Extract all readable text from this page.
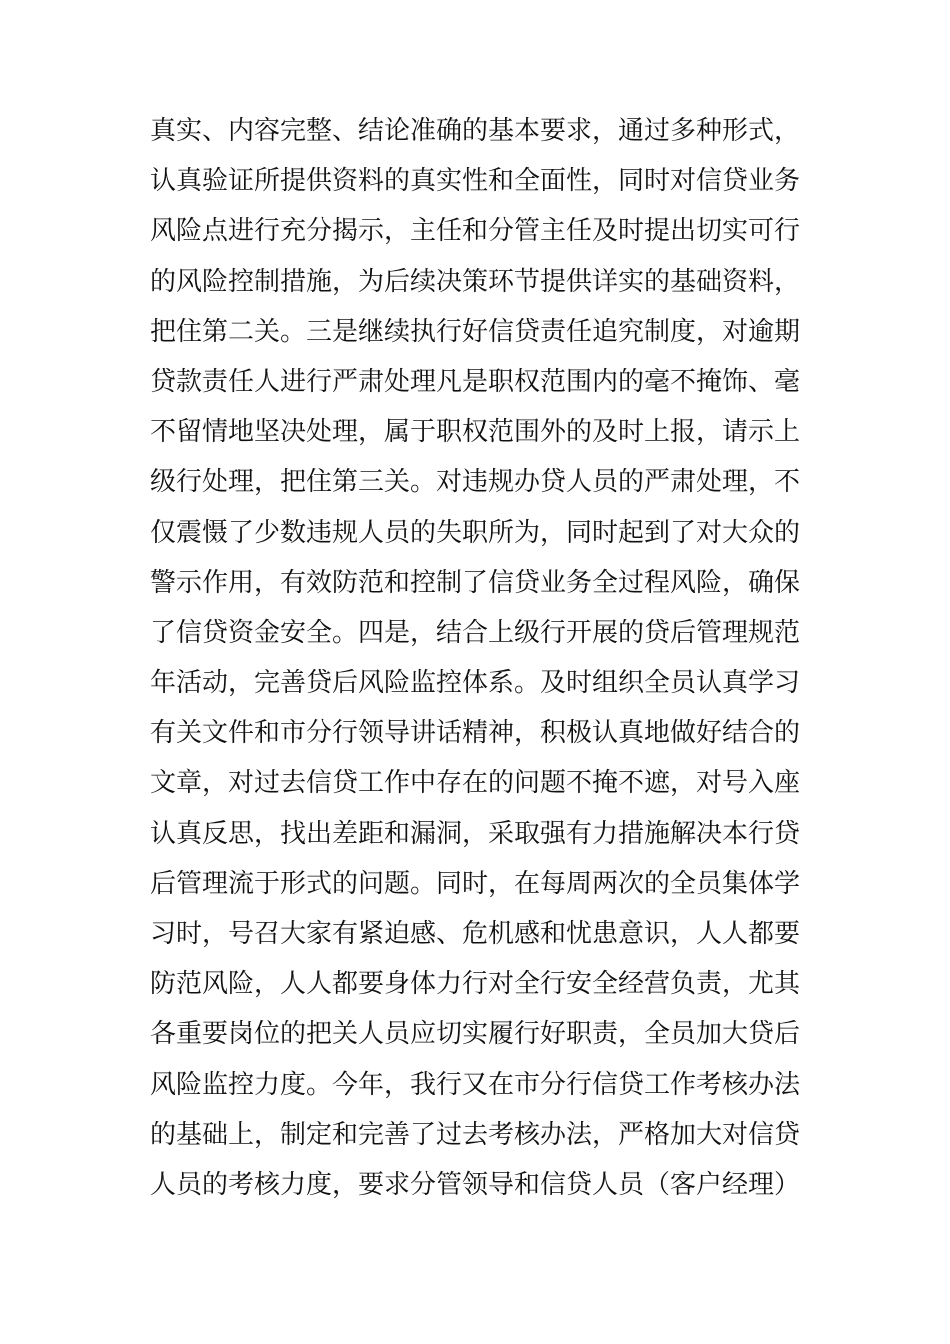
真实、内容完整、结论准确的基本要求，通过多种形式，
认真验证所提供资料的真实性和全面性，同时对信贷业务
风险点进行充分揭示，主任和分管主任及时提出切实可行
的风险控制措施，为后续决策环节提供详实的基础资料，
把住第二关。三是继续执行好信贷责任追究制度，对逾期
贷款责任人进行严肃处理凡是职权范围内的毫不掩饰、毫
不留情地坚决处理，属于职权范围外的及时上报，请示上
级行处理，把住第三关。对违规办贷人员的严肃处理，不
仅震慑了少数违规人员的失职所为，同时起到了对大众的
警示作用，有效防范和控制了信贷业务全过程风险，确保
了信贷资金安全。四是，结合上级行开展的贷后管理规范
年活动，完善贷后风险监控体系。及时组织全员认真学习
有关文件和市分行领导讲话精神，积极认真地做好结合的
文章，对过去信贷工作中存在的问题不掩不遮，对号入座
认真反思，找出差距和漏洞，采取强有力措施解决本行贷
后管理流于形式的问题。同时，在每周两次的全员集体学
习时，号召大家有紧迫感、危机感和忧患意识，人人都要
防范风险，人人都要身体力行对全行安全经营负责，尤其
各重要岗位的把关人员应切实履行好职责，全员加大贷后
风险监控力度。今年，我行又在市分行信贷工作考核办法
的基础上，制定和完善了过去考核办法，严格加大对信贷
人员的考核力度，要求分管领导和信贷人员（客户经理）
